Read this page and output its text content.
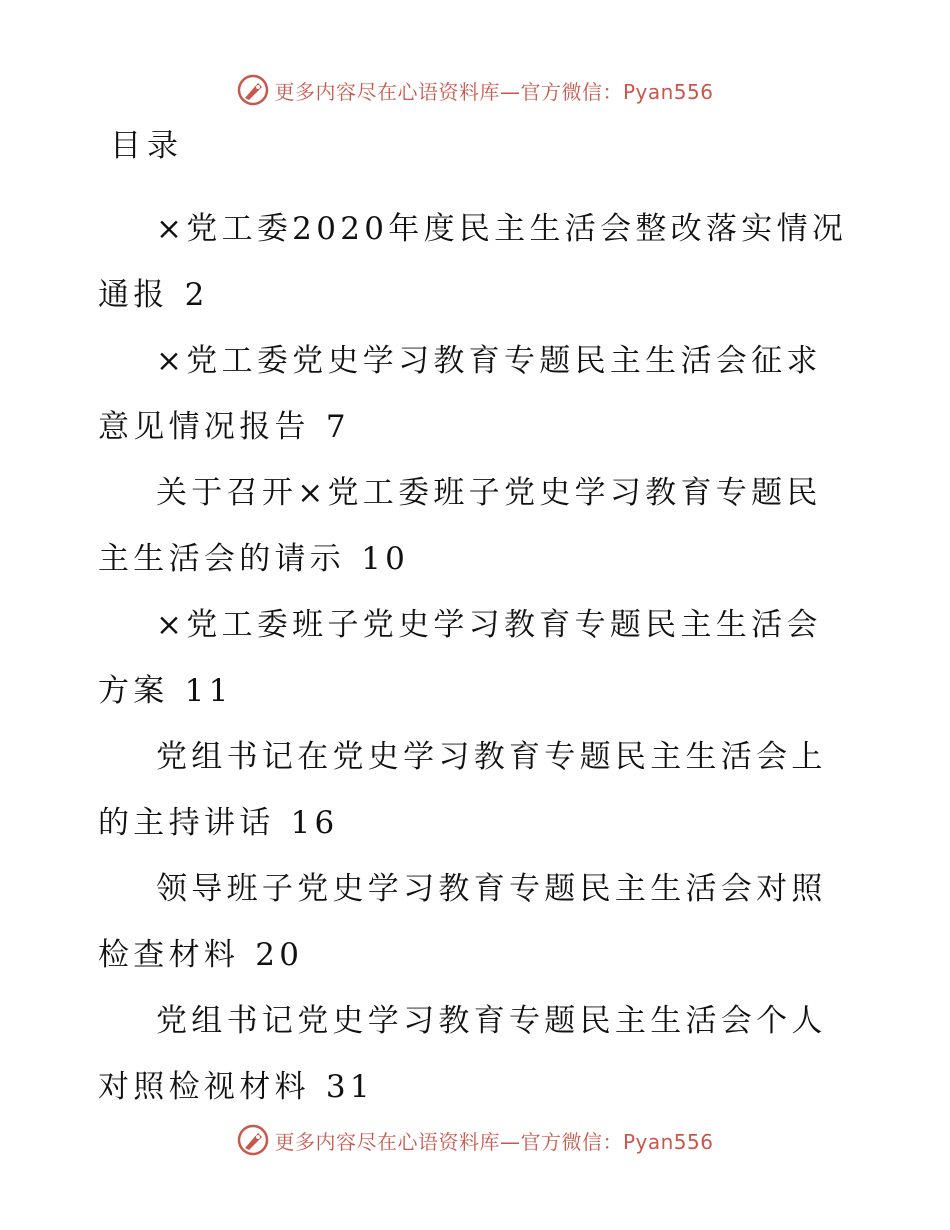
更多内容尽在心语资料库—官方微信：Pyan556
目录

×党工委2020年度民主生活会整改落实情况通报 2

×党工委党史学习教育专题民主生活会征求意见情况报告 7

关于召开×党工委班子党史学习教育专题民主生活会的请示 10

×党工委班子党史学习教育专题民主生活会方案 11

党组书记在党史学习教育专题民主生活会上的主持讲话 16

领导班子党史学习教育专题民主生活会对照检查材料 20

党组书记党史学习教育专题民主生活会个人对照检视材料 31

更多内容尽在心语资料库—官方微信：Pyan556
